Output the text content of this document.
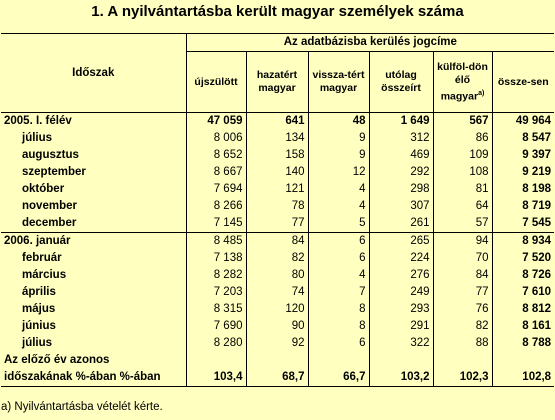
1. A nyilvántartásba került magyar személyek száma
Időszak	Az adatbázisba kerülés jogcíme					

	újszülött	hazatért magyar	vissza-tért magyar	utólag összeírt	külföl-dön élő magyar$^{a)}$	össze-sen

2005. I. félév	47 059	641	48	1 649	567	49 964
július	8 006	134	9	312	86	8 547
augusztus	8 652	158	9	469	109	9 397
szeptember	8 667	140	12	292	108	9 219
október	7 694	121	4	298	81	8 198
november	8 266	78	4	307	64	8 719
december	7 145	77	5	261	57	7 545
2006. január	8 485	84	6	265	94	8 934
február	7 138	82	6	224	70	7 520
március	8 282	80	4	276	84	8 726
április	7 203	74	7	249	77	7 610
május	8 315	120	8	293	76	8 812
június	7 690	90	8	291	82	8 161
július	8 280	92	6	322	88	8 788

Az előző év azonos
időszakának %-ában %-ában	103,4	68,7	66,7	103,2	102,3	102,8
a) Nyilvántartásba vételét kérte.
